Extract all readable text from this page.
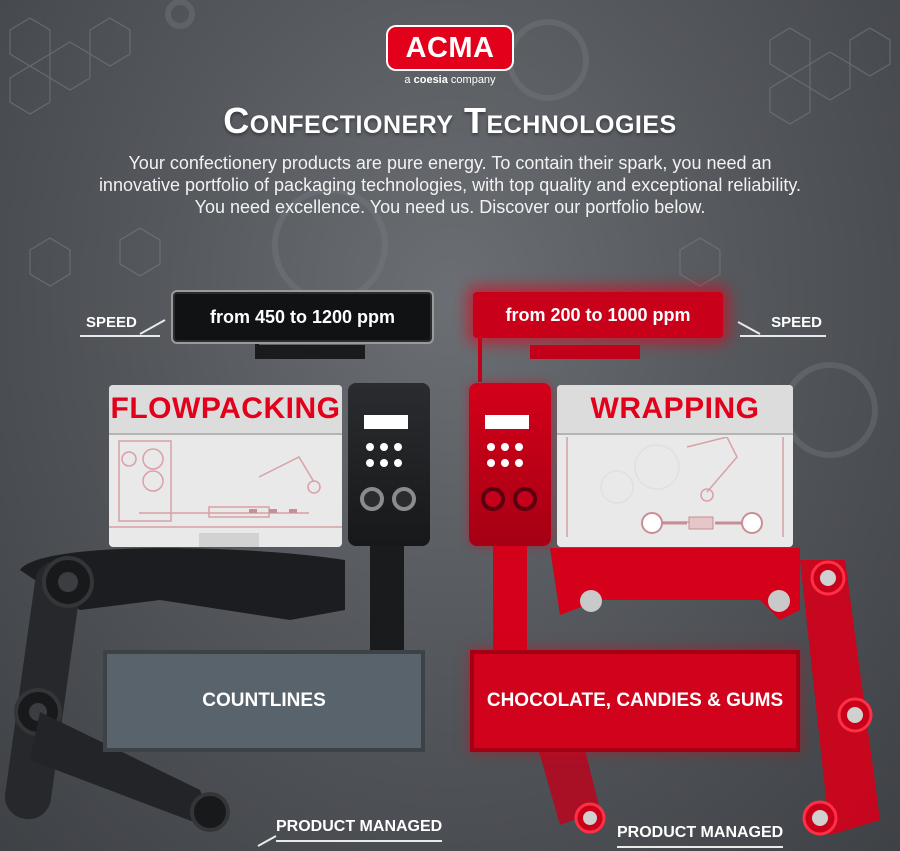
ACMA
a coesia company
Confectionery Technologies
Your confectionery products are pure energy. To contain their spark, you need an
innovative portfolio of packaging technologies, with top quality and exceptional reliability.
You need excellence. You need us. Discover our portfolio below.
SPEED	from 450 to 1200 ppm	from 200 to 1000 ppm	SPEED
FLOWPACKING	WRAPPING
COUNTLINES	CHOCOLATE, CANDIES & GUMS
PRODUCT MANAGED	PRODUCT MANAGED
